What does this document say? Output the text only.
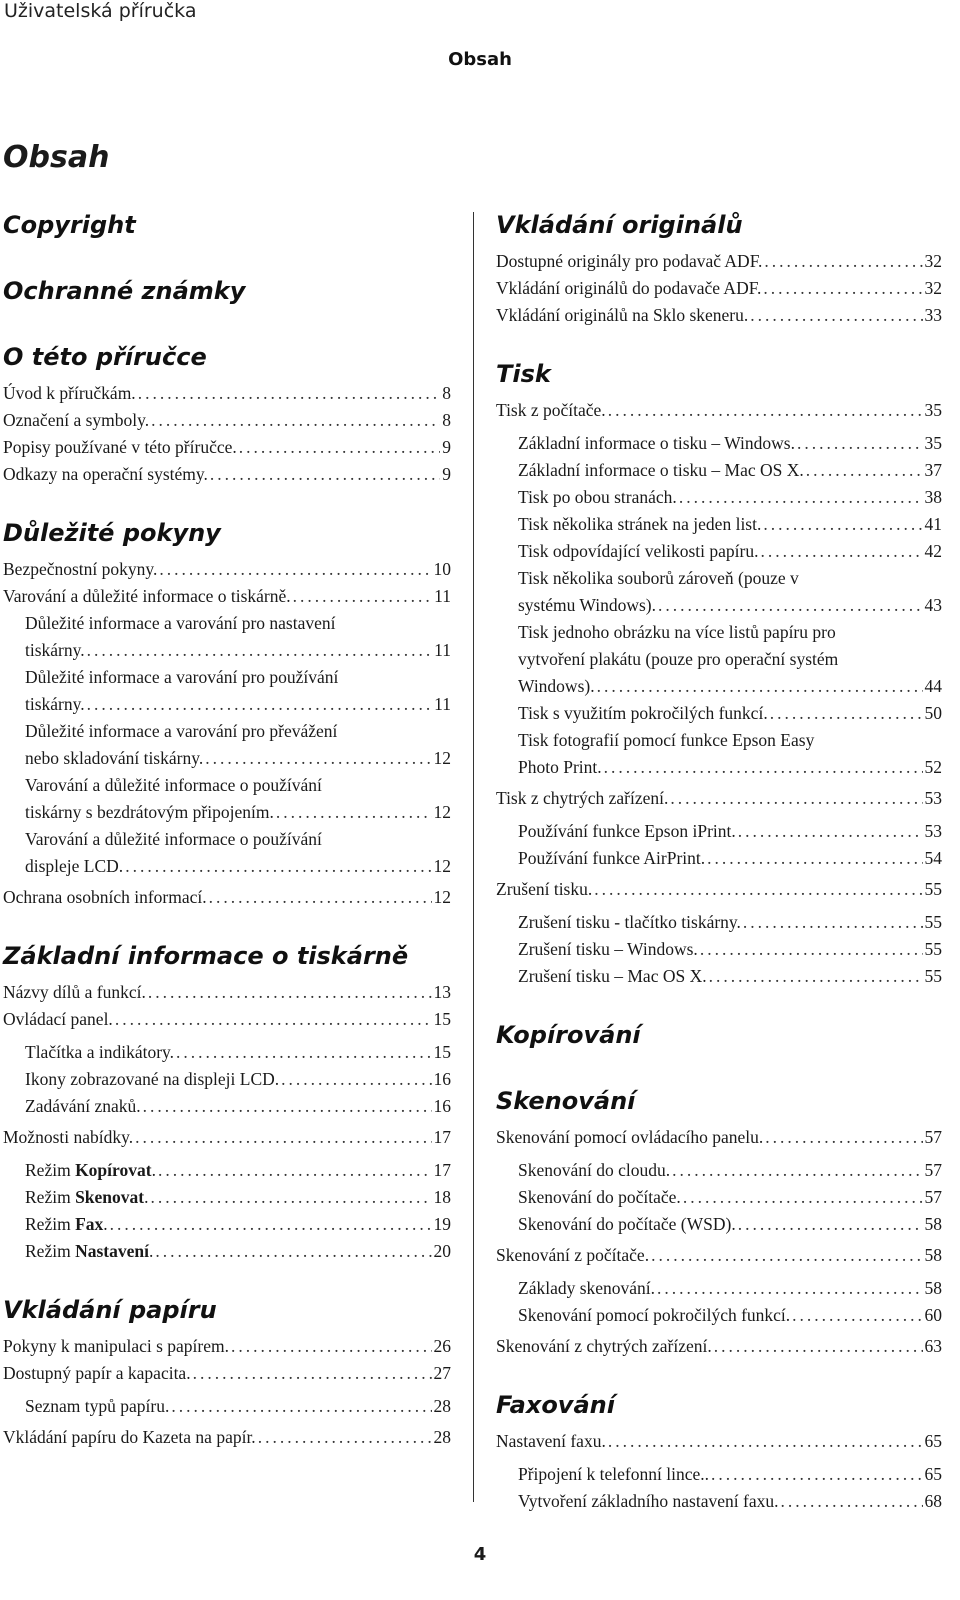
Uživatelská příručka
Obsah
Obsah
Copyright
Ochranné známky
O této příručce
Úvod k příručkám. .....	8
Označení a symboly. .....	8
Popisy používané v této příručce. .....	9
Odkazy na operační systémy. .....	9
Důležité pokyny
Bezpečnostní pokyny. .....	10
Varování a důležité informace o tiskárně. .....	11
Důležité informace a varování pro nastavení
tiskárny. .....	11
Důležité informace a varování pro používání
tiskárny. .....	11
Důležité informace a varování pro převážení
nebo skladování tiskárny. .....	12
Varování a důležité informace o používání
tiskárny s bezdrátovým připojením. .....	12
Varování a důležité informace o používání
displeje LCD. .....	12
Ochrana osobních informací. .....	12
Základní informace o tiskárně
Názvy dílů a funkcí. .....	13
Ovládací panel. .....	15
Tlačítka a indikátory. .....	15
Ikony zobrazované na displeji LCD. .....	16
Zadávání znaků. .....	16
Možnosti nabídky. .....	17
Režim Kopírovat. .....	17
Režim Skenovat. .....	18
Režim Fax. .....	19
Režim Nastavení. .....	20
Vkládání papíru
Pokyny k manipulaci s papírem. .....	26
Dostupný papír a kapacita. .....	27
Seznam typů papíru. .....	28
Vkládání papíru do Kazeta na papír. .....	28
Vkládání originálů
Dostupné originály pro podavač ADF. .....	32
Vkládání originálů do podavače ADF. .....	32
Vkládání originálů na Sklo skeneru. .....	33
Tisk
Tisk z počítače. .....	35
Základní informace o tisku – Windows. .....	35
Základní informace o tisku – Mac OS X. .....	37
Tisk po obou stranách. .....	38
Tisk několika stránek na jeden list. .....	41
Tisk odpovídající velikosti papíru. .....	42
Tisk několika souborů zároveň (pouze v
systému Windows). .....	43
Tisk jednoho obrázku na více listů papíru pro
vytvoření plakátu (pouze pro operační systém
Windows). .....	44
Tisk s využitím pokročilých funkcí. .....	50
Tisk fotografií pomocí funkce Epson Easy
Photo Print. .....	52
Tisk z chytrých zařízení. .....	53
Používání funkce Epson iPrint. .....	53
Používání funkce AirPrint. .....	54
Zrušení tisku. .....	55
Zrušení tisku - tlačítko tiskárny. .....	55
Zrušení tisku – Windows. .....	55
Zrušení tisku – Mac OS X. .....	55
Kopírování
Skenování
Skenování pomocí ovládacího panelu. .....	57
Skenování do cloudu. .....	57
Skenování do počítače. .....	57
Skenování do počítače (WSD). .....	58
Skenování z počítače. .....	58
Základy skenování. .....	58
Skenování pomocí pokročilých funkcí. .....	60
Skenování z chytrých zařízení. .....	63
Faxování
Nastavení faxu. .....	65
Připojení k telefonní lince.. .....	65
Vytvoření základního nastavení faxu. .....	68
4
